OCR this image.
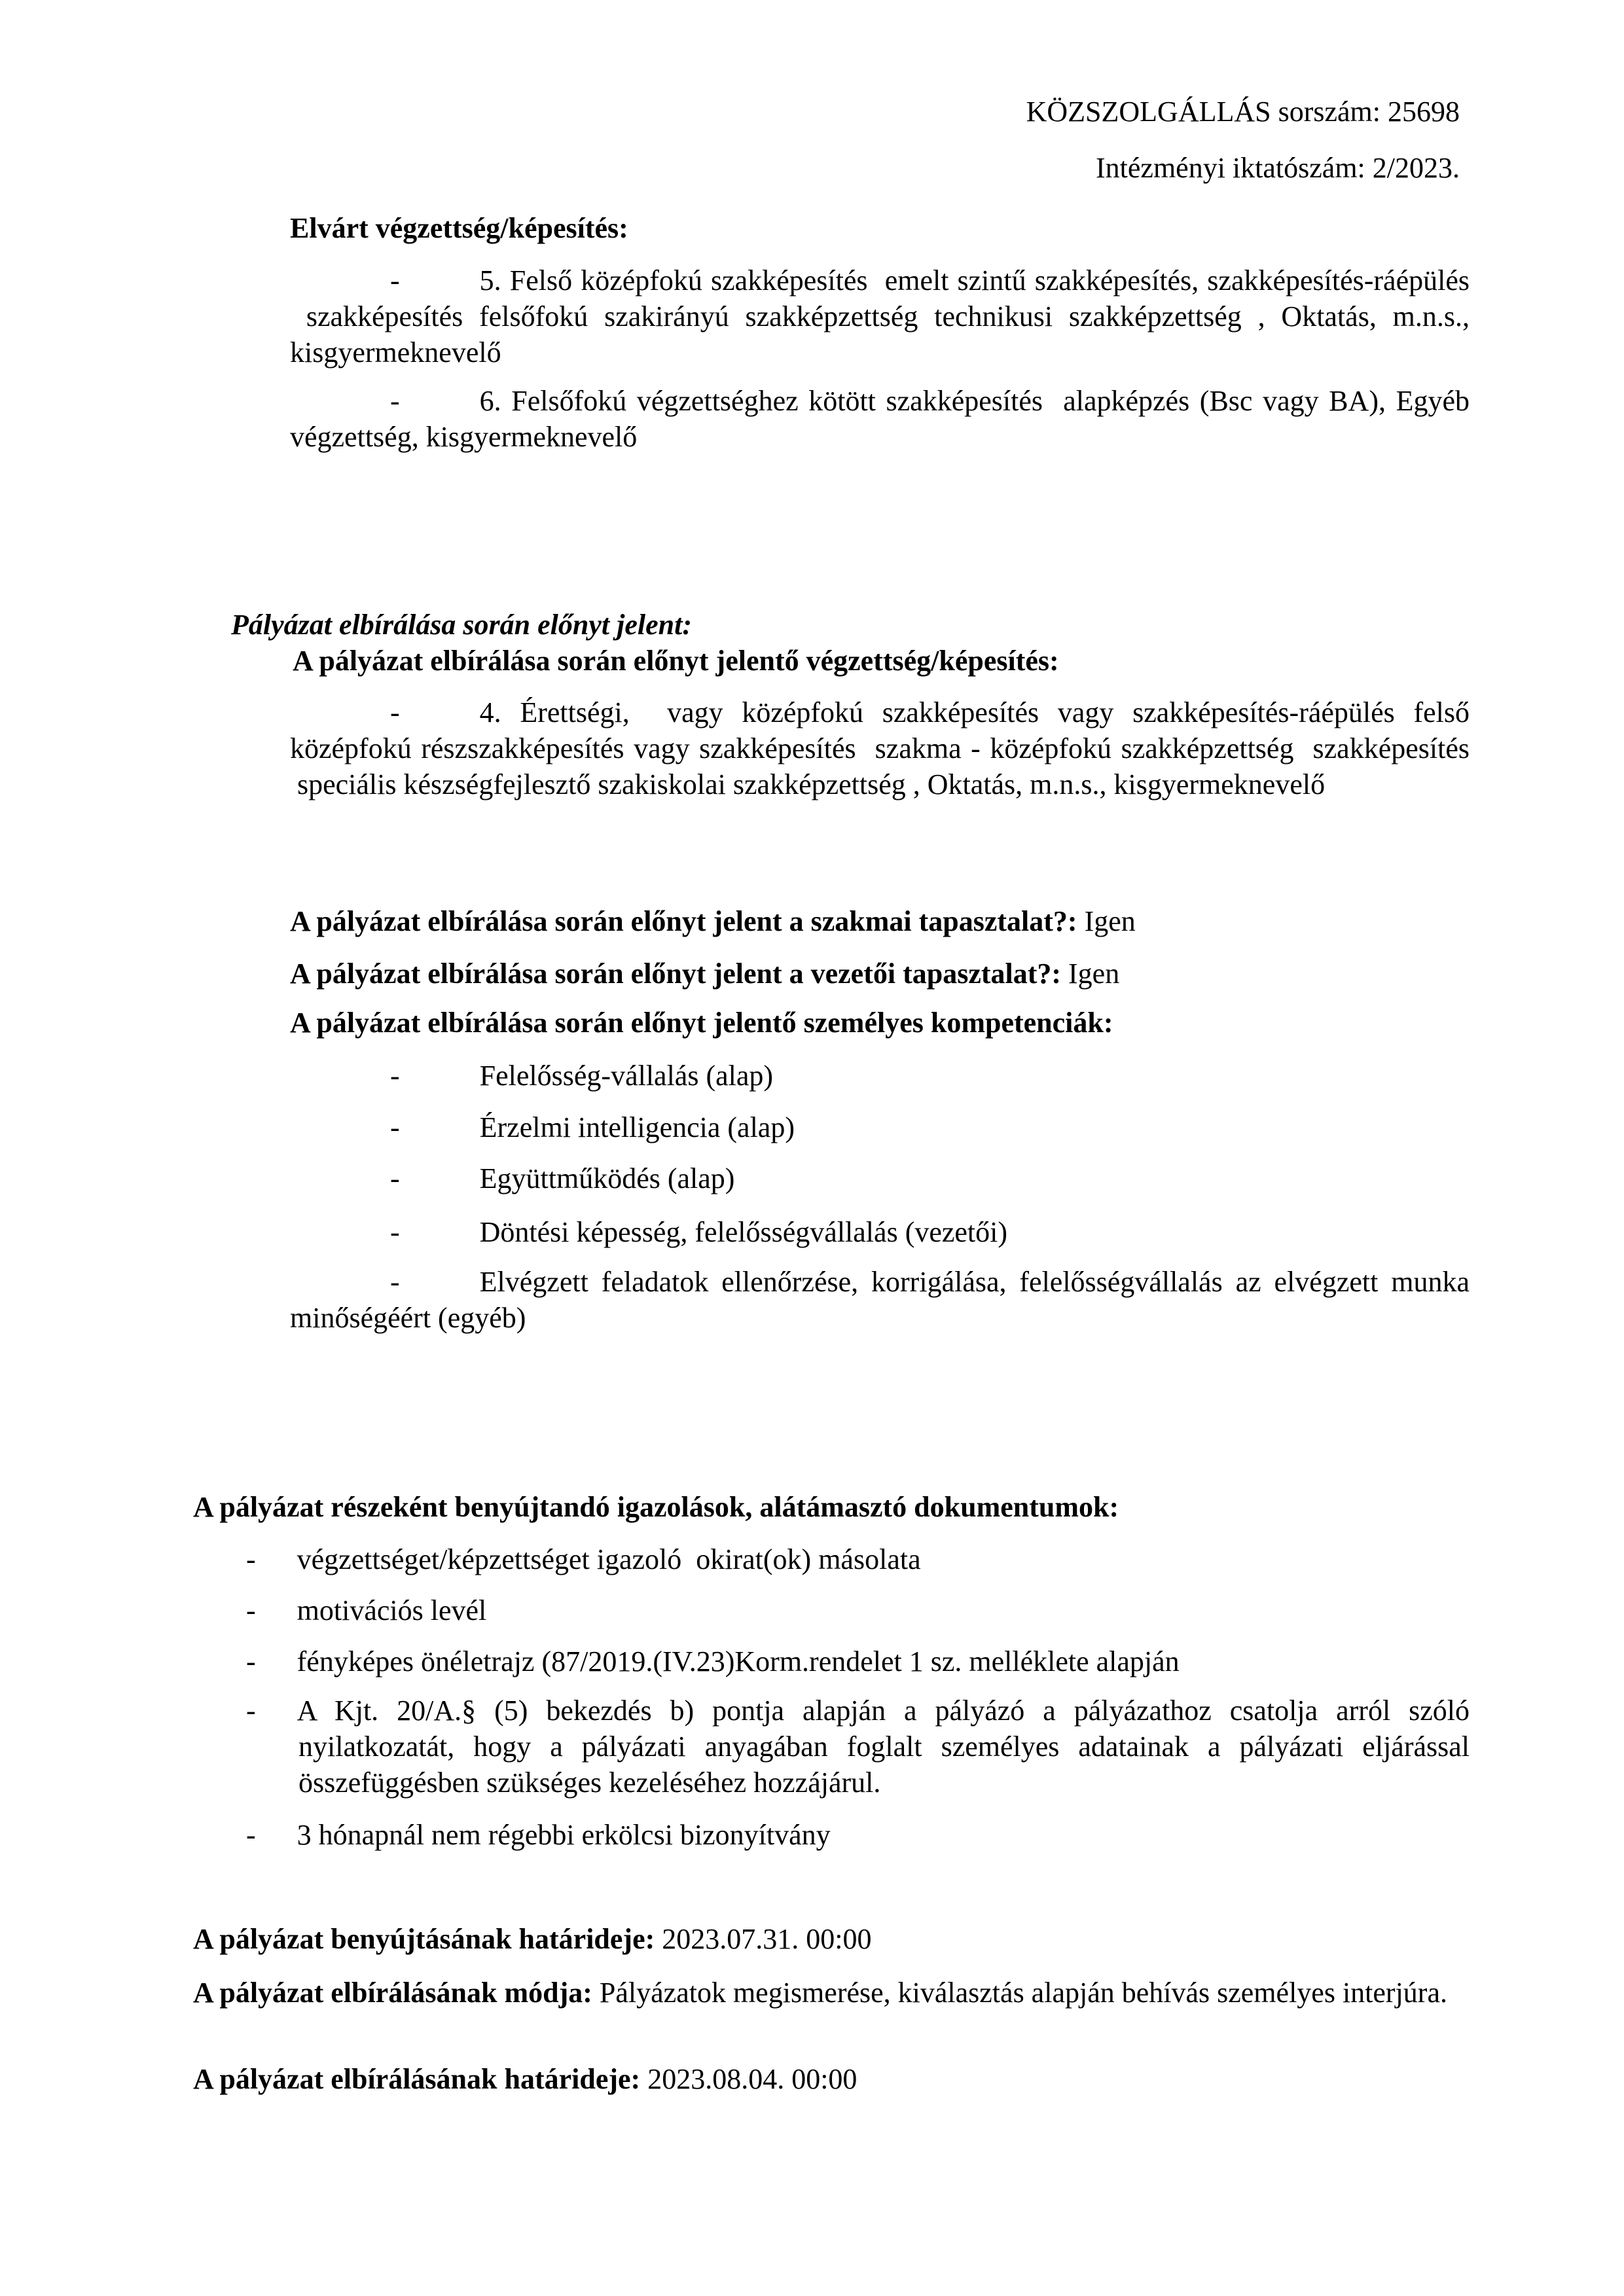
KÖZSZOLGÁLLÁS sorszám: 25698
Intézményi iktatószám: 2/2023.
Elvárt végzettség/képesítés:

-	5. Felső középfokú szakképesítés  emelt szintű szakképesítés, szakképesítés-ráépülés  szakképesítés felsőfokú szakirányú szakképzettség technikusi szakképzettség , Oktatás, m.n.s., kisgyermeknevelő

-	6. Felsőfokú végzettséghez kötött szakképesítés  alapképzés (Bsc vagy BA), Egyéb végzettség, kisgyermeknevelő

Pályázat elbírálása során előnyt jelent:
A pályázat elbírálása során előnyt jelentő végzettség/képesítés:

-	4. Érettségi,  vagy középfokú szakképesítés vagy szakképesítés-ráépülés felső középfokú részszakképesítés vagy szakképesítés  szakma - középfokú szakképzettség  szakképesítés  speciális készségfejlesztő szakiskolai szakképzettség , Oktatás, m.n.s., kisgyermeknevelő

A pályázat elbírálása során előnyt jelent a szakmai tapasztalat?: Igen

A pályázat elbírálása során előnyt jelent a vezetői tapasztalat?: Igen

A pályázat elbírálása során előnyt jelentő személyes kompetenciák:

-	Felelősség-vállalás (alap)

-	Érzelmi intelligencia (alap)

-	Együttműködés (alap)

-	Döntési képesség, felelősségvállalás (vezetői)

-	Elvégzett feladatok ellenőrzése, korrigálása, felelősségvállalás az elvégzett munka minőségéért (egyéb)

A pályázat részeként benyújtandó igazolások, alátámasztó dokumentumok:

- végzettséget/képzettséget igazoló  okirat(ok) másolata

- motivációs levél

- fényképes önéletrajz (87/2019.(IV.23)Korm.rendelet 1 sz. melléklete alapján

- A Kjt. 20/A.§ (5) bekezdés b) pontja alapján a pályázó a pályázathoz csatolja arról szóló nyilatkozatát, hogy a pályázati anyagában foglalt személyes adatainak a pályázati eljárással összefüggésben szükséges kezeléséhez hozzájárul.

- 3 hónapnál nem régebbi erkölcsi bizonyítvány

A pályázat benyújtásának határideje: 2023.07.31. 00:00

A pályázat elbírálásának módja: Pályázatok megismerése, kiválasztás alapján behívás személyes interjúra.

A pályázat elbírálásának határideje: 2023.08.04. 00:00
